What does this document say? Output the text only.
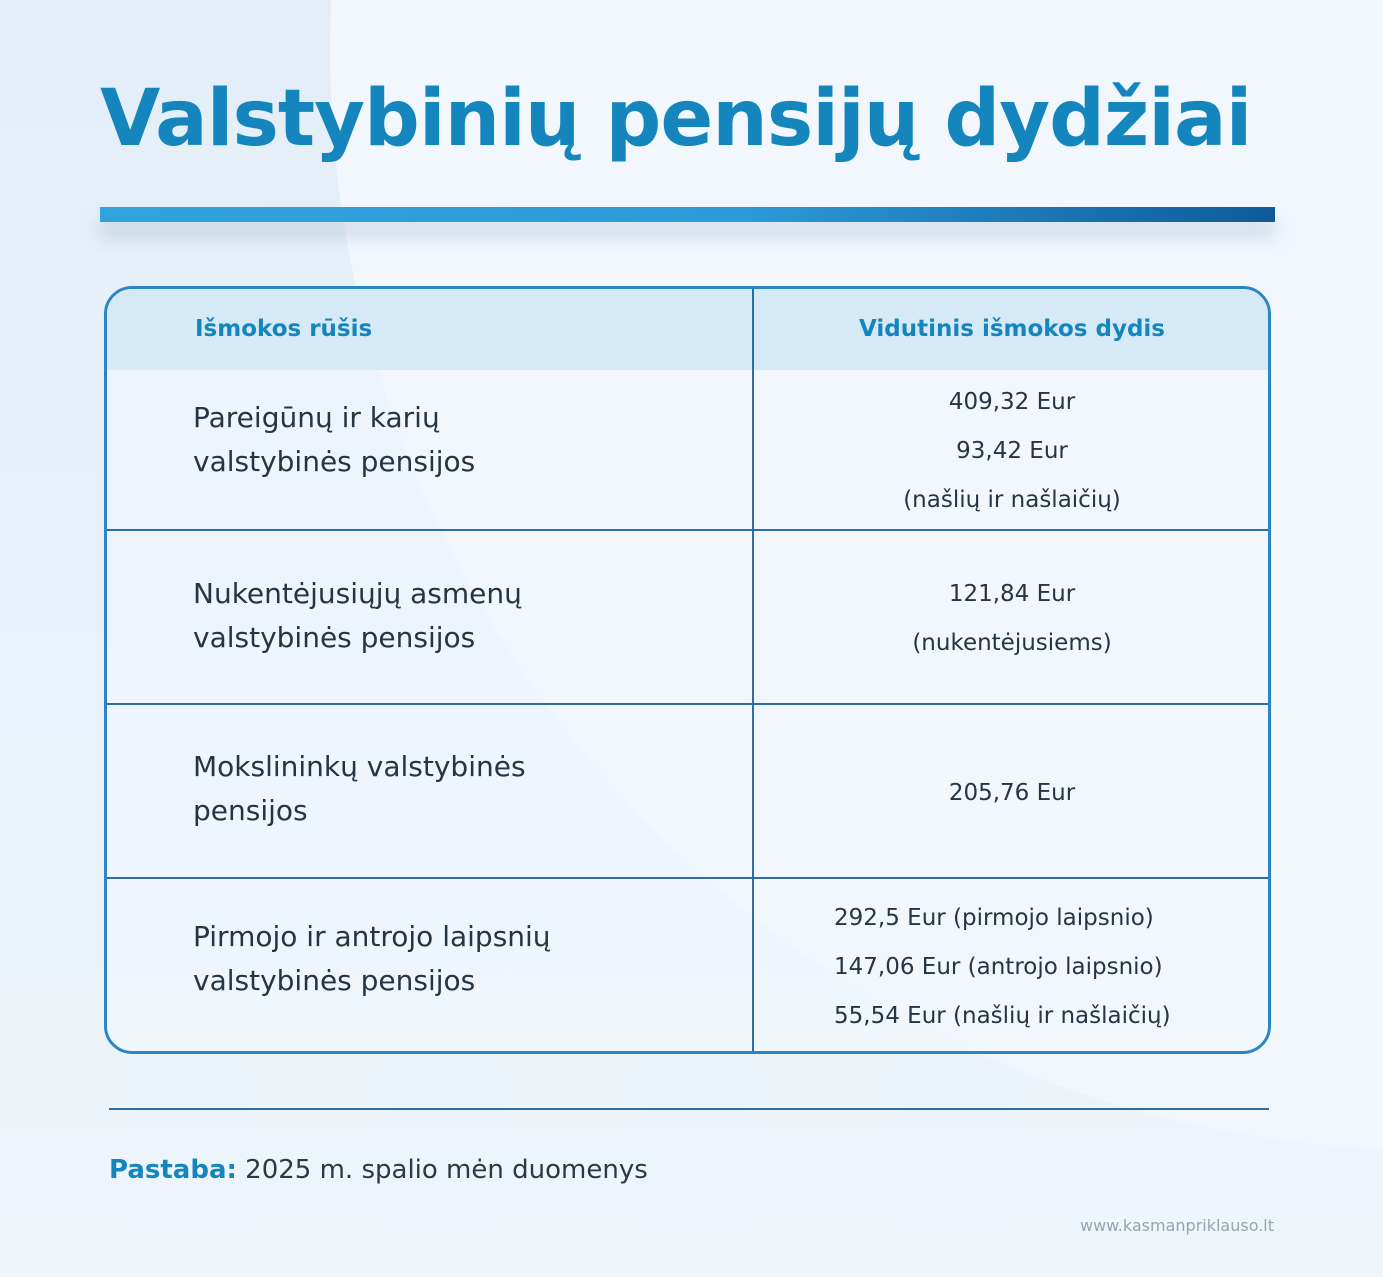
Valstybinių pensijų dydžiai
Išmokos rūšis	Vidutinis išmokos dydis
Pareigūnų ir karių
valstybinės pensijos
409,32 Eur
93,42 Eur
(našlių ir našlaičių)
Nukentėjusiųjų asmenų
valstybinės pensijos
121,84 Eur
(nukentėjusiems)
Mokslininkų valstybinės
pensijos
205,76 Eur
Pirmojo ir antrojo laipsnių
valstybinės pensijos
292,5 Eur (pirmojo laipsnio)
147,06 Eur (antrojo laipsnio)
55,54 Eur (našlių ir našlaičių)
Pastaba: 2025 m. spalio mėn duomenys
www.kasmanpriklauso.lt
